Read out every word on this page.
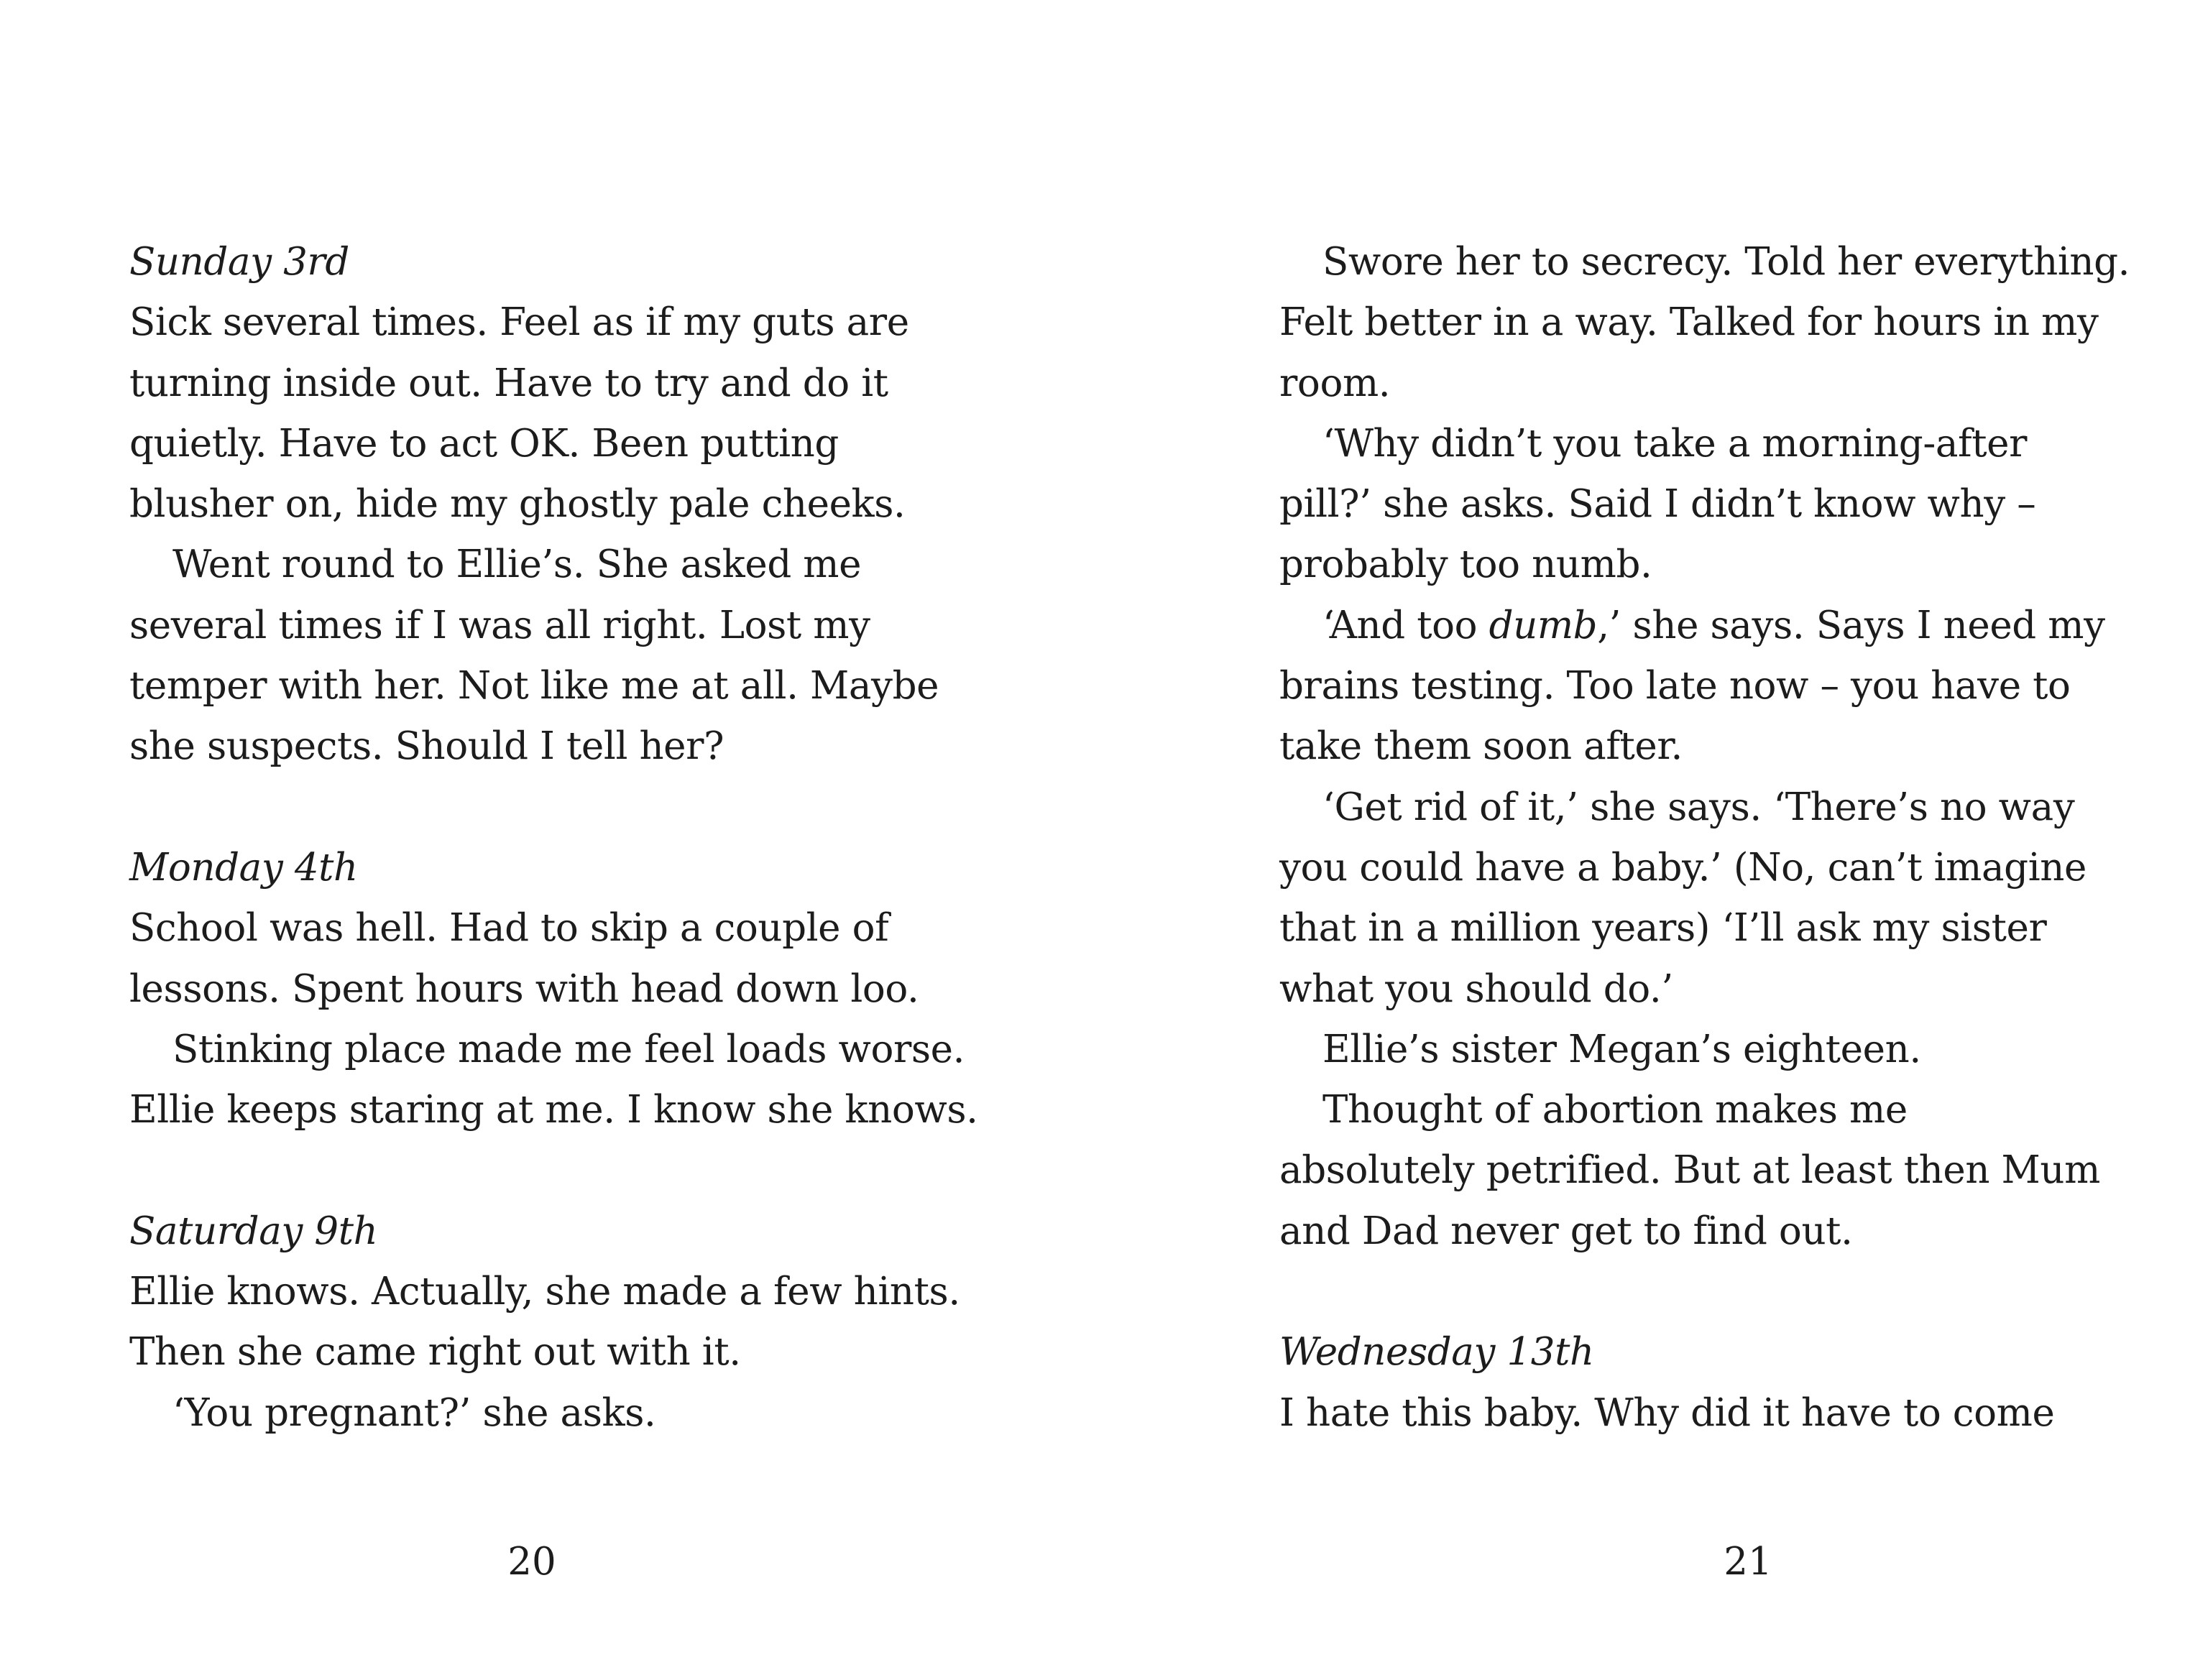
Sunday 3rd
Sick several times. Feel as if my guts are
turning inside out. Have to try and do it
quietly. Have to act OK. Been putting
blusher on, hide my ghostly pale cheeks.
Went round to Ellie’s. She asked me
several times if I was all right. Lost my
temper with her. Not like me at all. Maybe
she suspects. Should I tell her?
Monday 4th
School was hell. Had to skip a couple of
lessons. Spent hours with head down loo.
Stinking place made me feel loads worse.
Ellie keeps staring at me. I know she knows.
Saturday 9th
Ellie knows. Actually, she made a few hints.
Then she came right out with it.
‘You pregnant?’ she asks.
20
Swore her to secrecy. Told her everything.
Felt better in a way. Talked for hours in my
room.
‘Why didn’t you take a morning-after
pill?’ she asks. Said I didn’t know why –
probably too numb.
‘And too dumb,’ she says. Says I need my
brains testing. Too late now – you have to
take them soon after.
‘Get rid of it,’ she says. ‘There’s no way
you could have a baby.’ (No, can’t imagine
that in a million years) ‘I’ll ask my sister
what you should do.’
Ellie’s sister Megan’s eighteen.
Thought of abortion makes me
absolutely petrified. But at least then Mum
and Dad never get to find out.
Wednesday 13th
I hate this baby. Why did it have to come
21
